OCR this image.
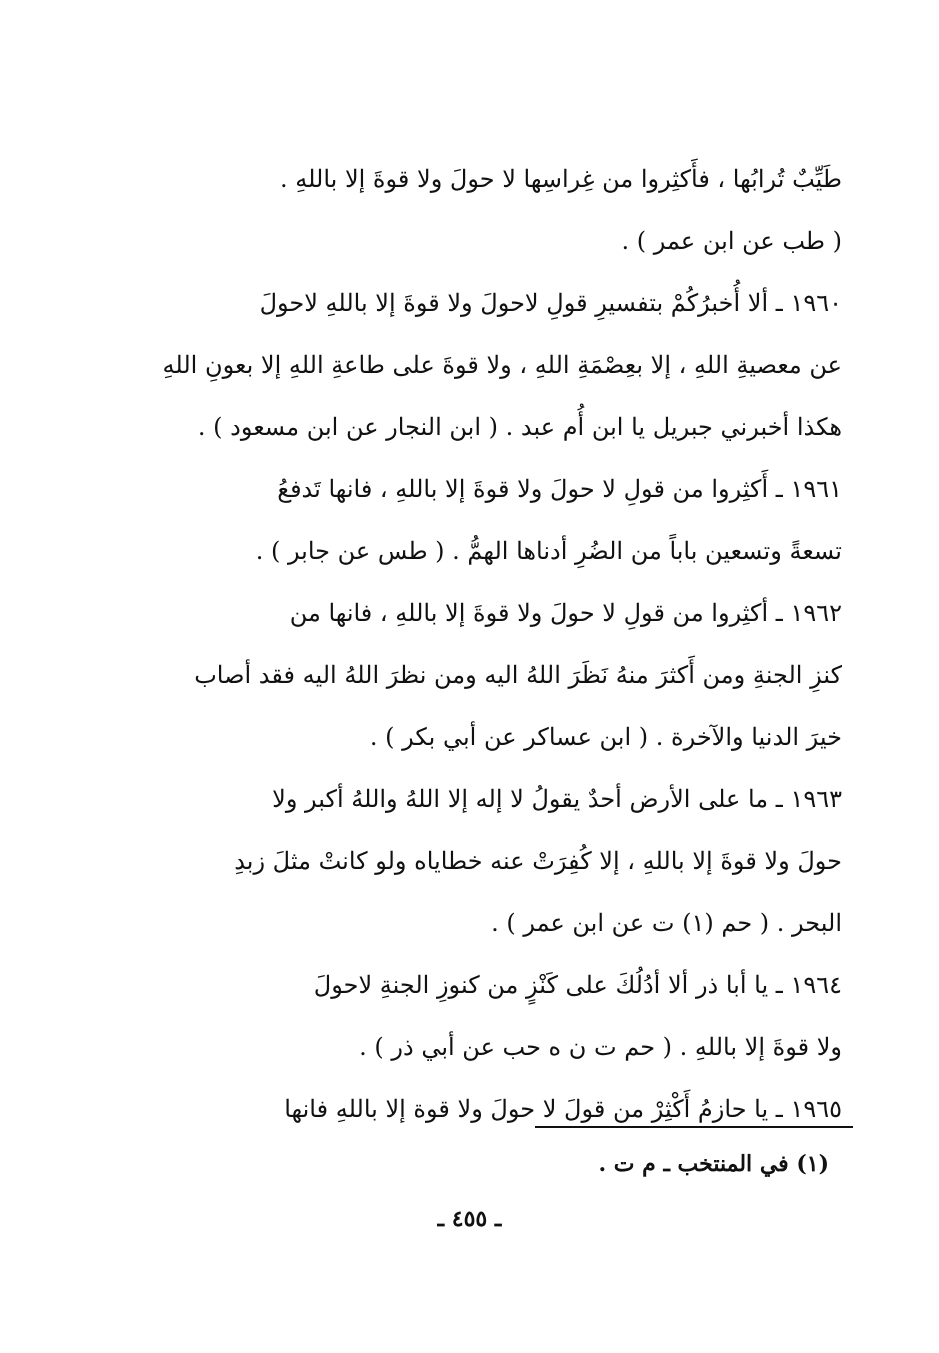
طَيِّبٌ تُرابُها ، فأَكثِروا من غِراسِها لا حولَ ولا قوةَ إلا باللهِ .
( طب عن ابن عمر ) .
١٩٦٠ ـ ألا أُخبرُكُمْ بتفسيرِ قولِ لاحولَ ولا قوةَ إلا باللهِ لاحولَ
عن معصيةِ اللهِ ، إلا بعِصْمَةِ اللهِ ، ولا قوةَ على طاعةِ اللهِ إلا بعونِ اللهِ
هكذا أخبرني جبريل يا ابن أُم عبد . ( ابن النجار عن ابن مسعود ) .
١٩٦١ ـ أَكثِروا من قولِ لا حولَ ولا قوةَ إلا باللهِ ، فانها تَدفعُ
تسعةً وتسعين باباً من الضُرِ أدناها الهمُّ . ( طس عن جابر ) .
١٩٦٢ ـ أكثِروا من قولِ لا حولَ ولا قوةَ إلا باللهِ ، فانها من
كنزِ الجنةِ ومن أَكثرَ منهُ نَظَرَ اللهُ اليه ومن نظرَ اللهُ اليه فقد أصاب
خيرَ الدنيا والآخرة . ( ابن عساكر عن أبي بكر ) .
١٩٦٣ ـ ما على الأرض أحدٌ يقولُ لا إله إلا اللهُ واللهُ أكبر ولا
حولَ ولا قوةَ إلا باللهِ ، إلا كُفِرَتْ عنه خطاياه ولو كانتْ مثلَ زبدِ
البحر . ( حم (١) ت عن ابن عمر ) .
١٩٦٤ ـ يا أبا ذر ألا أدُلُكَ على كَنْزٍ من كنوزِ الجنةِ لاحولَ
ولا قوةَ إلا باللهِ . ( حم ت ن ه حب عن أبي ذر ) .
١٩٦٥ ـ يا حازمُ أَكْثِرْ من قولَ لا حولَ ولا قوة إلا باللهِ فانها
(١) في المنتخب ـ م ت .
ـ ٤٥٥ ـ
